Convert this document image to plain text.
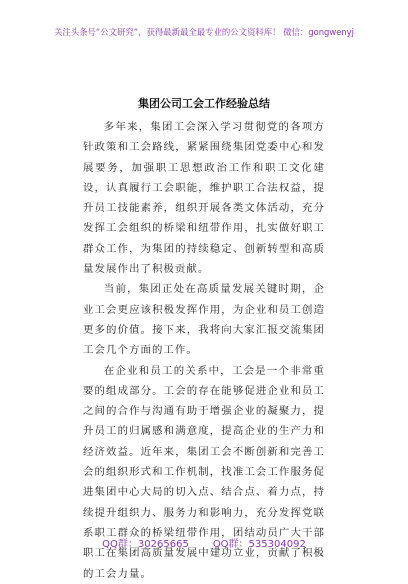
关注头条号“公文研究”，获得最新最全最专业的公文资料库！ 微信：gongwenyj
集团公司工会工作经验总结

多年来，集团工会深入学习贯彻党的各项方针政策和工会路线，紧紧围绕集团党委中心和发展要务，加强职工思想政治工作和职工文化建设，认真履行工会职能，维护职工合法权益，提升员工技能素养，组织开展各类文体活动，充分发挥工会组织的桥梁和纽带作用，扎实做好职工群众工作，为集团的持续稳定、创新转型和高质量发展作出了积极贡献。

当前，集团正处在高质量发展关键时期，企业工会更应该积极发挥作用，为企业和员工创造更多的价值。接下来，我将向大家汇报交流集团工会几个方面的工作。

在企业和员工的关系中，工会是一个非常重要的组成部分。工会的存在能够促进企业和员工之间的合作与沟通有助于增强企业的凝聚力，提升员工的归属感和满意度，提高企业的生产力和经济效益。近年来，集团工会不断创新和完善工会的组织形式和工作机制，找准工会工作服务促进集团中心大局的切入点、结合点、着力点，持续提升组织力、服务力和影响力，充分发挥党联系职工群众的桥梁纽带作用，团结动员广大干部职工在集团高质量发展中建功立业，贡献了积极的工会力量。

QQ群：30265665 QQ群：535304092
